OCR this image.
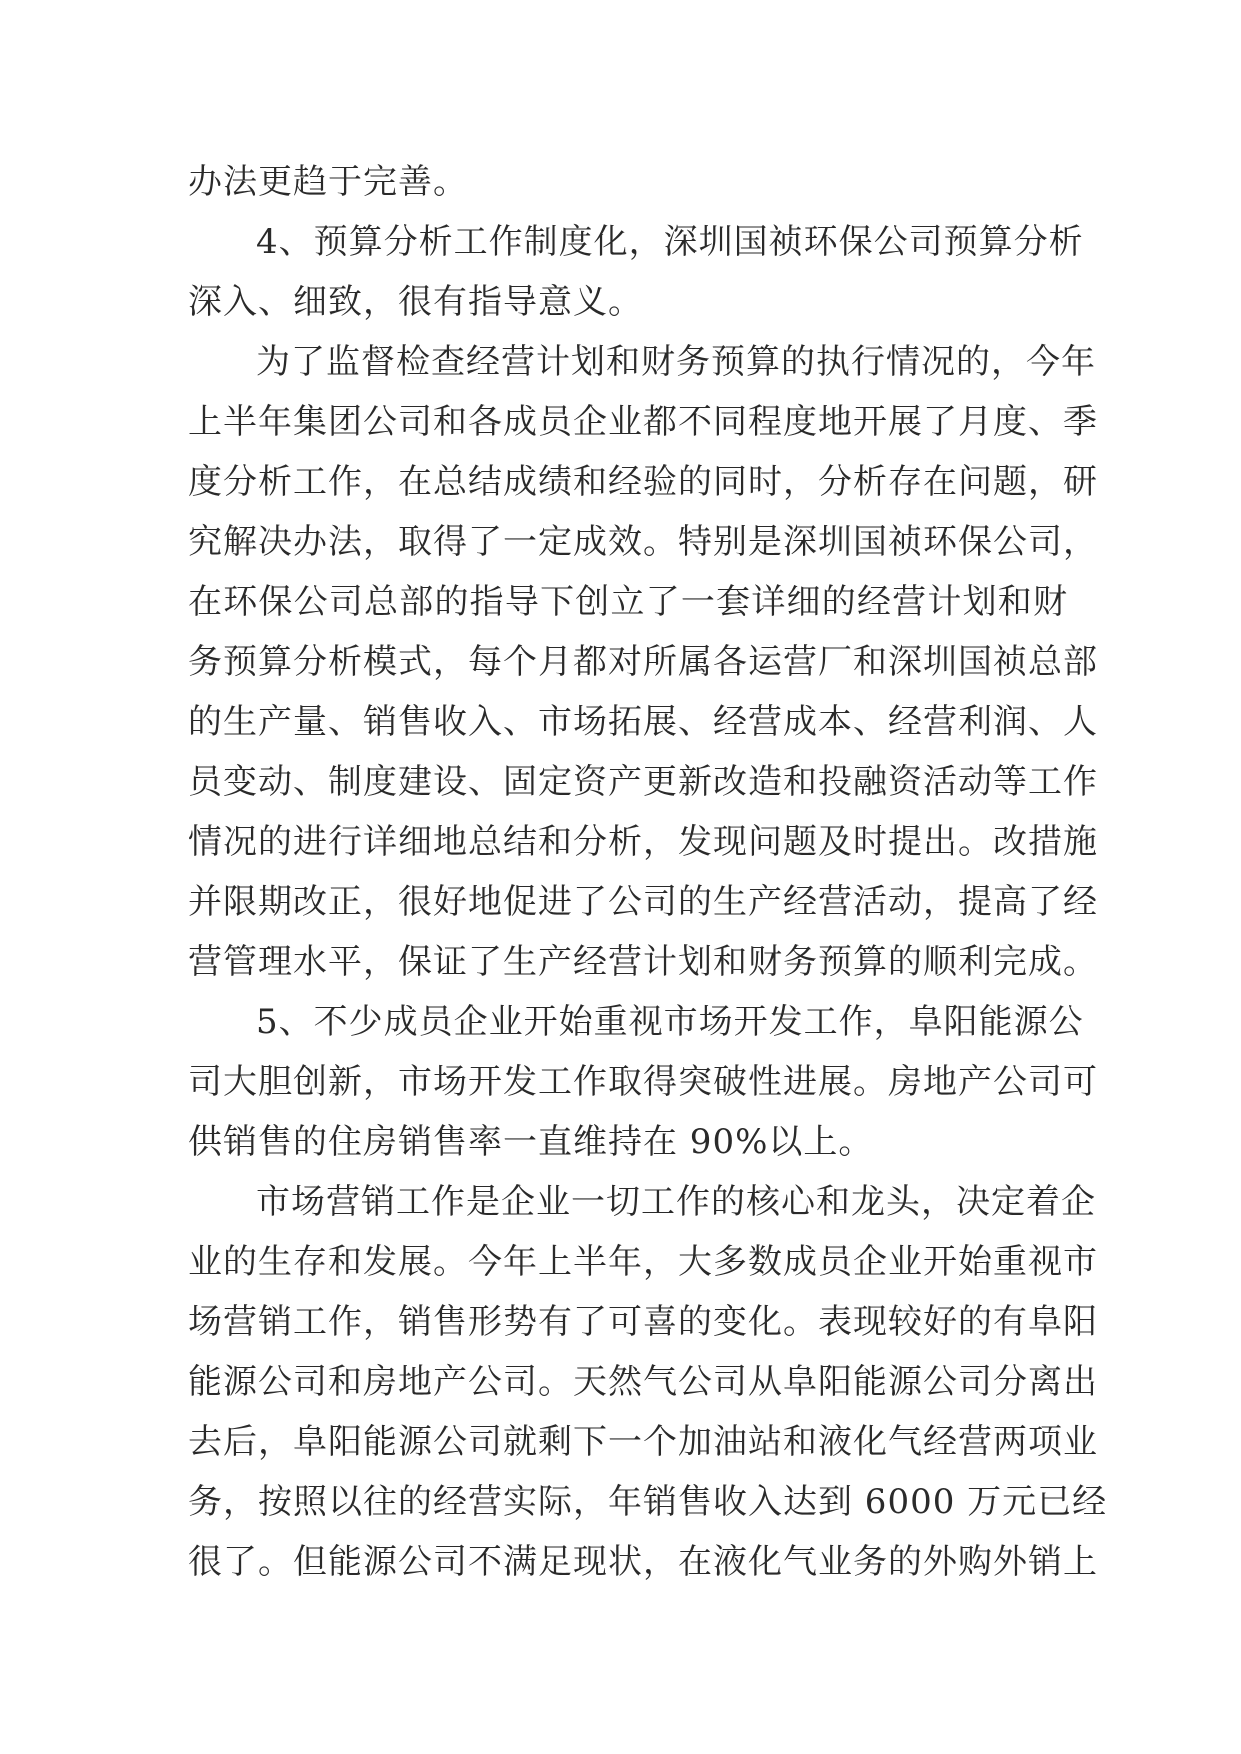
办法更趋于完善。
4、预算分析工作制度化，深圳国祯环保公司预算分析
深入、细致，很有指导意义。
为了监督检查经营计划和财务预算的执行情况的，今年
上半年集团公司和各成员企业都不同程度地开展了月度、季
度分析工作，在总结成绩和经验的同时，分析存在问题，研
究解决办法，取得了一定成效。特别是深圳国祯环保公司，
在环保公司总部的指导下创立了一套详细的经营计划和财
务预算分析模式，每个月都对所属各运营厂和深圳国祯总部
的生产量、销售收入、市场拓展、经营成本、经营利润、人
员变动、制度建设、固定资产更新改造和投融资活动等工作
情况的进行详细地总结和分析，发现问题及时提出。改措施
并限期改正，很好地促进了公司的生产经营活动，提高了经
营管理水平，保证了生产经营计划和财务预算的顺利完成。
5、不少成员企业开始重视市场开发工作，阜阳能源公
司大胆创新，市场开发工作取得突破性进展。房地产公司可
供销售的住房销售率一直维持在 90%以上。
市场营销工作是企业一切工作的核心和龙头，决定着企
业的生存和发展。今年上半年，大多数成员企业开始重视市
场营销工作，销售形势有了可喜的变化。表现较好的有阜阳
能源公司和房地产公司。天然气公司从阜阳能源公司分离出
去后，阜阳能源公司就剩下一个加油站和液化气经营两项业
务，按照以往的经营实际，年销售收入达到 6000 万元已经
很了。但能源公司不满足现状，在液化气业务的外购外销上
